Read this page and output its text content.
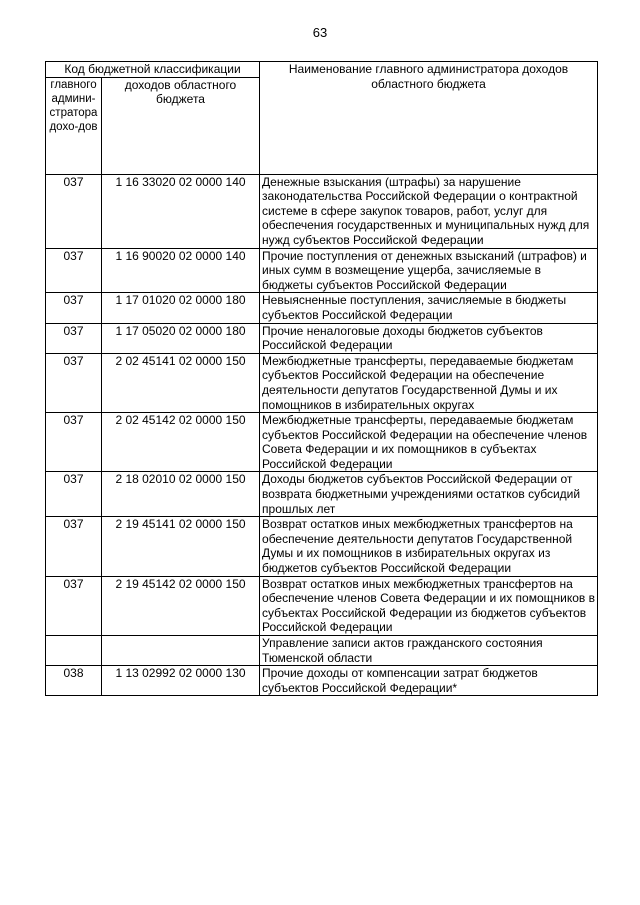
63
Код бюджетной классификации		Наименование главного администратора доходов областного бюджета
главного админи-стратора дохо-дов	доходов областного бюджета	
037	1 16 33020 02 0000 140	Денежные взыскания (штрафы) за нарушение законодательства Российской Федерации о контрактной системе в сфере закупок товаров, работ, услуг для обеспечения государственных и муниципальных нужд для нужд субъектов Российской Федерации
037	1 16 90020 02 0000 140	Прочие поступления от денежных взысканий (штрафов) и иных сумм в возмещение ущерба, зачисляемые в бюджеты субъектов Российской Федерации
037	1 17 01020 02 0000 180	Невыясненные поступления, зачисляемые в бюджеты субъектов Российской Федерации
037	1 17 05020 02 0000 180	Прочие неналоговые доходы бюджетов субъектов Российской Федерации
037	2 02 45141 02 0000 150	Межбюджетные трансферты, передаваемые бюджетам субъектов Российской Федерации на обеспечение деятельности депутатов Государственной Думы и их помощников в избирательных округах
037	2 02 45142 02 0000 150	Межбюджетные трансферты, передаваемые бюджетам субъектов Российской Федерации на обеспечение членов Совета Федерации и их помощников в субъектах Российской Федерации
037	2 18 02010 02 0000 150	Доходы бюджетов субъектов Российской Федерации от возврата бюджетными учреждениями остатков субсидий прошлых лет
037	2 19 45141 02 0000 150	Возврат остатков иных межбюджетных трансфертов на обеспечение деятельности депутатов Государственной Думы и их помощников в избирательных округах из бюджетов субъектов Российской Федерации
037	2 19 45142 02 0000 150	Возврат остатков иных межбюджетных трансфертов на обеспечение членов Совета Федерации и их помощников в субъектах Российской Федерации из бюджетов субъектов Российской Федерации
		Управление записи актов гражданского состояния Тюменской области
038	1 13 02992 02 0000 130	Прочие доходы от компенсации затрат бюджетов субъектов Российской Федерации*
